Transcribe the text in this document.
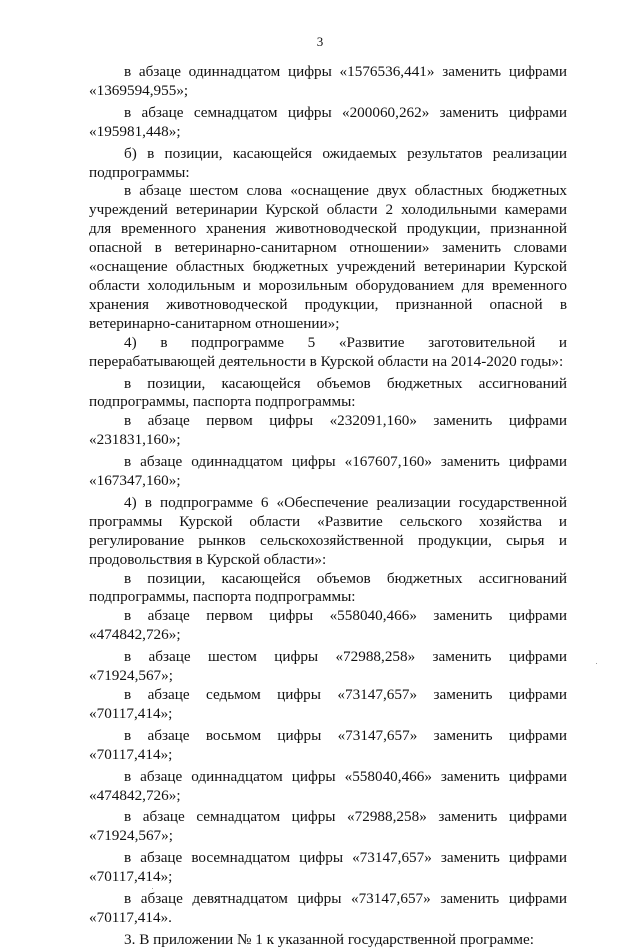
3

в абзаце одиннадцатом цифры «1576536,441» заменить цифрами «1369594,955»;

в абзаце семнадцатом цифры «200060,262» заменить цифрами «195981,448»;

б) в позиции, касающейся ожидаемых результатов реализации подпрограммы:

в абзаце шестом слова «оснащение двух областных бюджетных учреждений ветеринарии Курской области 2 холодильными камерами для временного хранения животноводческой продукции, признанной опасной в ветеринарно-санитарном отношении» заменить словами «оснащение областных бюджетных учреждений ветеринарии Курской области холодильным и морозильным оборудованием для временного хранения животноводческой продукции, признанной опасной в ветеринарно-санитарном отношении»;

4) в подпрограмме 5 «Развитие заготовительной и перерабатывающей деятельности в Курской области на 2014-2020 годы»:

в позиции, касающейся объемов бюджетных ассигнований подпрограммы, паспорта подпрограммы:

в абзаце первом цифры «232091,160» заменить цифрами «231831,160»;

в абзаце одиннадцатом цифры «167607,160» заменить цифрами «167347,160»;

4) в подпрограмме 6 «Обеспечение реализации государственной программы Курской области «Развитие сельского хозяйства и регулирование рынков сельскохозяйственной продукции, сырья и продовольствия в Курской области»:

в позиции, касающейся объемов бюджетных ассигнований подпрограммы, паспорта подпрограммы:

в абзаце первом цифры «558040,466» заменить цифрами «474842,726»;

в абзаце шестом цифры «72988,258» заменить цифрами «71924,567»;

в абзаце седьмом цифры «73147,657» заменить цифрами «70117,414»;

в абзаце восьмом цифры «73147,657» заменить цифрами «70117,414»;

в абзаце одиннадцатом цифры «558040,466» заменить цифрами «474842,726»;

в абзаце семнадцатом цифры «72988,258» заменить цифрами «71924,567»;

в абзаце восемнадцатом цифры «73147,657» заменить цифрами «70117,414»;

в абзаце девятнадцатом цифры «73147,657» заменить цифрами «70117,414».

3. В приложении № 1 к указанной государственной программе:
